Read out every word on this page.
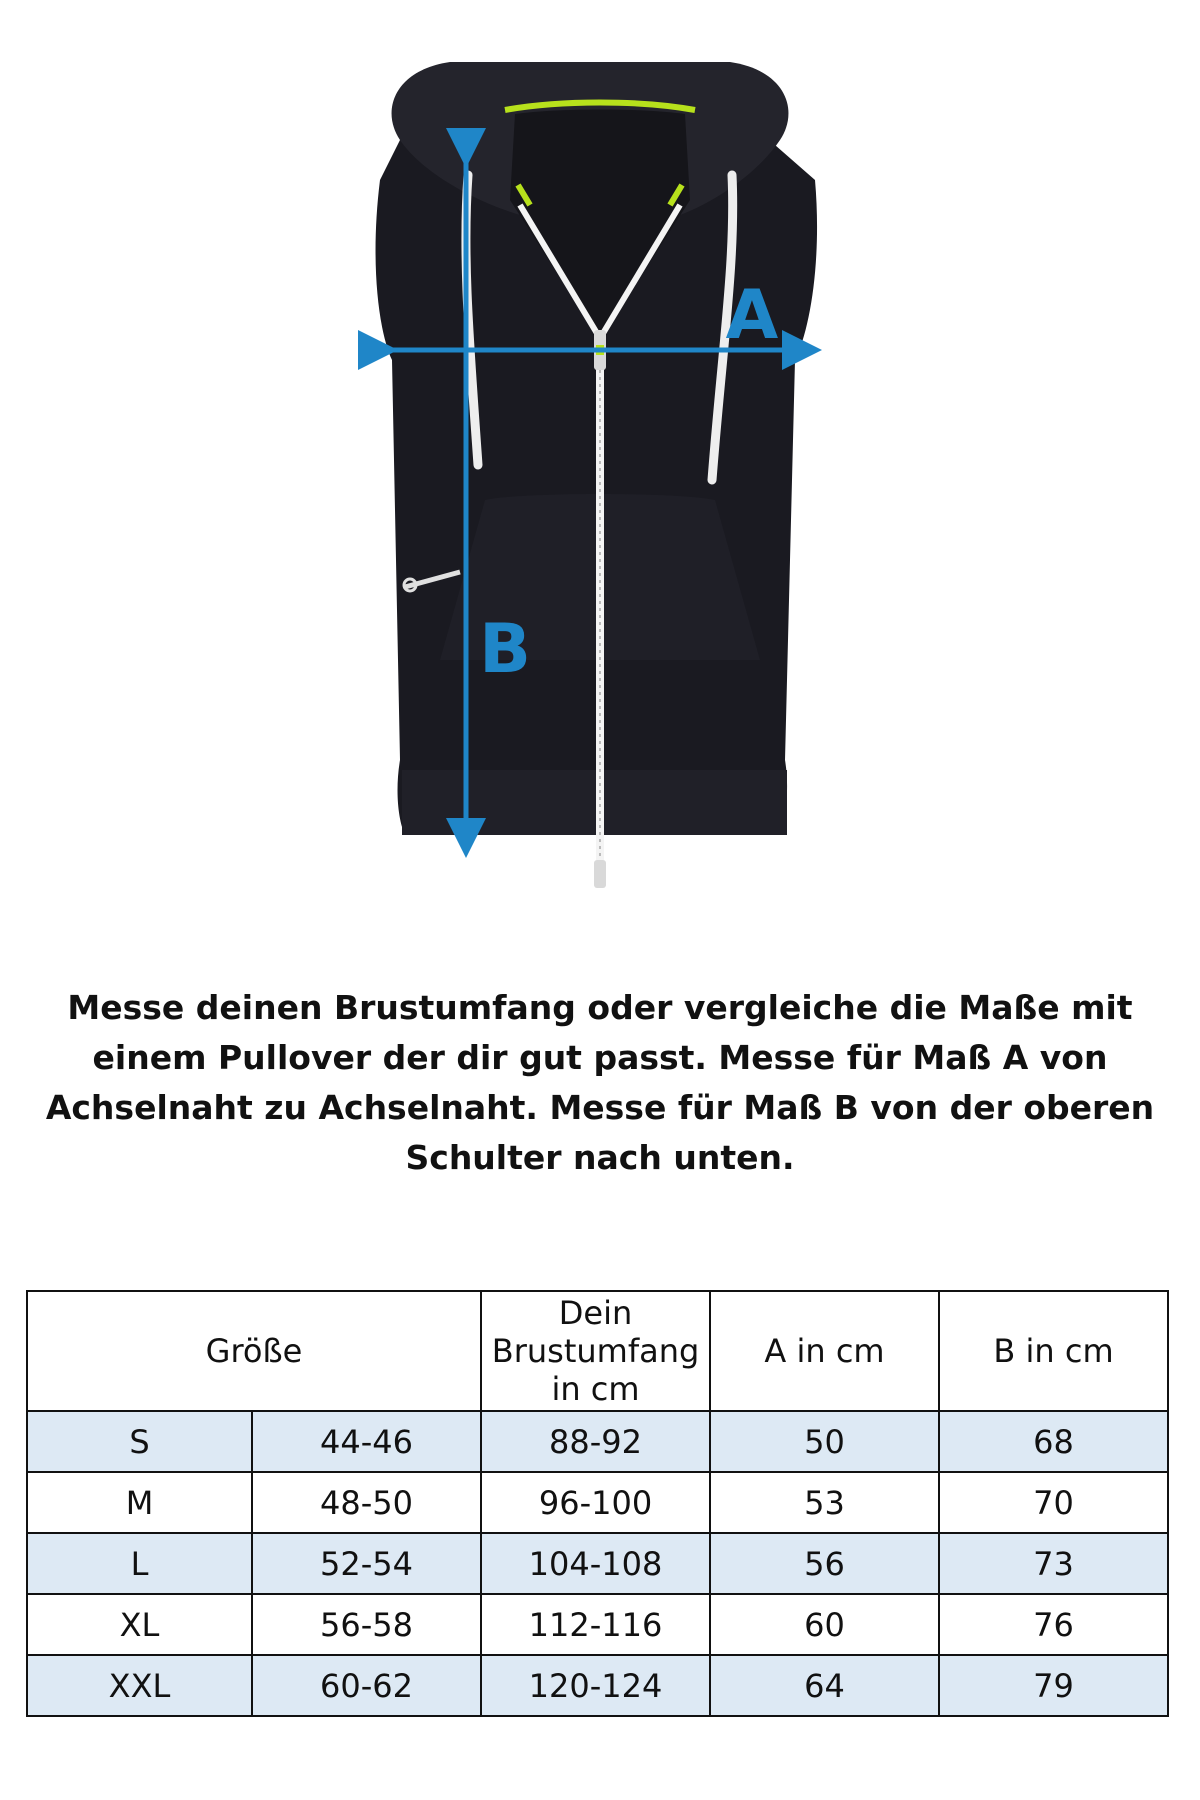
A
B

Messe deinen Brustumfang oder vergleiche die Maße mit einem Pullover der dir gut passt. Messe für Maß A von Achselnaht zu Achselnaht. Messe für Maß B von der oberen Schulter nach unten.

Größe		Dein
Brustumfang
in cm	A in cm	B in cm
S	44-46	88-92	50	68
M	48-50	96-100	53	70
L	52-54	104-108	56	73
XL	56-58	112-116	60	76
XXL	60-62	120-124	64	79
